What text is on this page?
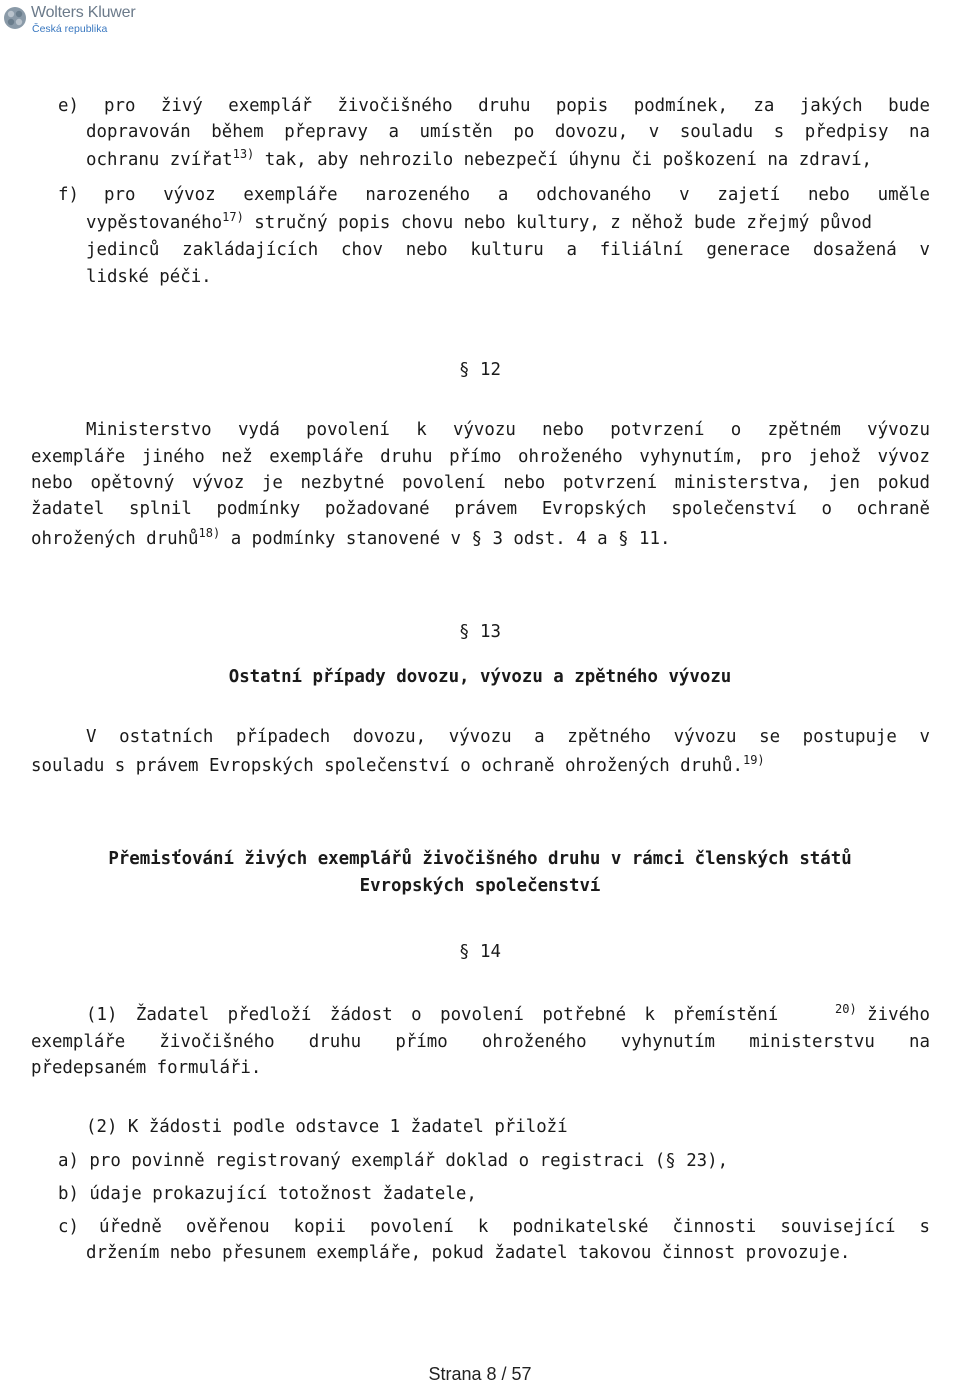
Wolters Kluwer
Česká republika
e) pro živý exemplář živočišného druhu popis podmínek, za jakých bude
dopravován během přepravy a umístěn po dovozu, v souladu s předpisy na
ochranu zvířat$^{13)}$ tak, aby nehrozilo nebezpečí úhynu či poškození na zdraví,
f) pro vývoz exempláře narozeného a odchovaného v zajetí nebo uměle
vypěstovaného$^{17)}$ stručný popis chovu nebo kultury, z něhož bude zřejmý původ
jedinců zakládajících chov nebo kulturu a filiální generace dosažená v
lidské péči.
§ 12
Ministerstvo vydá povolení k vývozu nebo potvrzení o zpětném vývozu
exempláře jiného než exempláře druhu přímo ohroženého vyhynutím, pro jehož vývoz
nebo opětovný vývoz je nezbytné povolení nebo potvrzení ministerstva, jen pokud
žadatel splnil podmínky požadované právem Evropských společenství o ochraně
ohrožených druhů$^{18)}$ a podmínky stanovené v § 3 odst. 4 a § 11.
§ 13
Ostatní případy dovozu, vývozu a zpětného vývozu
V ostatních případech dovozu, vývozu a zpětného vývozu se postupuje v
souladu s právem Evropských společenství o ochraně ohrožených druhů.$^{19)}$
Přemisťování živých exemplářů živočišného druhu v rámci členských států
Evropských společenství
§ 14
(1) Žadatel předloží žádost o povolení potřebné k přemístění	$^{20)}$ živého
exempláře živočišného druhu přímo ohroženého vyhynutím ministerstvu na
předepsaném formuláři.
(2) K žádosti podle odstavce 1 žadatel přiloží
a) pro povinně registrovaný exemplář doklad o registraci (§ 23),
b) údaje prokazující totožnost žadatele,
c) úředně ověřenou kopii povolení k podnikatelské činnosti související s
držením nebo přesunem exempláře, pokud žadatel takovou činnost provozuje.
Strana 8 / 57
